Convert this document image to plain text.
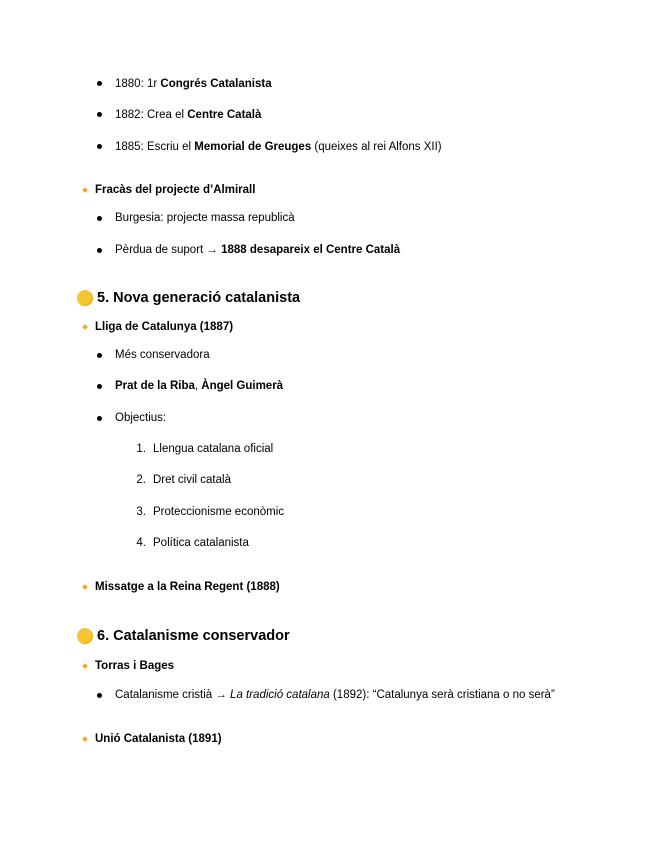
1880: 1r Congrés Catalanista
1882: Crea el Centre Català
1885: Escriu el Memorial de Greuges (queixes al rei Alfons XII)
Fracàs del projecte d’Almirall
Burgesia: projecte massa republicà
Pèrdua de suport → 1888 desapareix el Centre Català
5. Nova generació catalanista
Lliga de Catalunya (1887)
Més conservadora
Prat de la Riba, Àngel Guimerà
Objectius:
1. Llengua catalana oficial
2. Dret civil català
3. Proteccionisme econòmic
4. Política catalanista
Missatge a la Reina Regent (1888)
6. Catalanisme conservador
Torras i Bages
Catalanisme cristià → La tradició catalana (1892): “Catalunya serà cristiana o no serà”
Unió Catalanista (1891)
